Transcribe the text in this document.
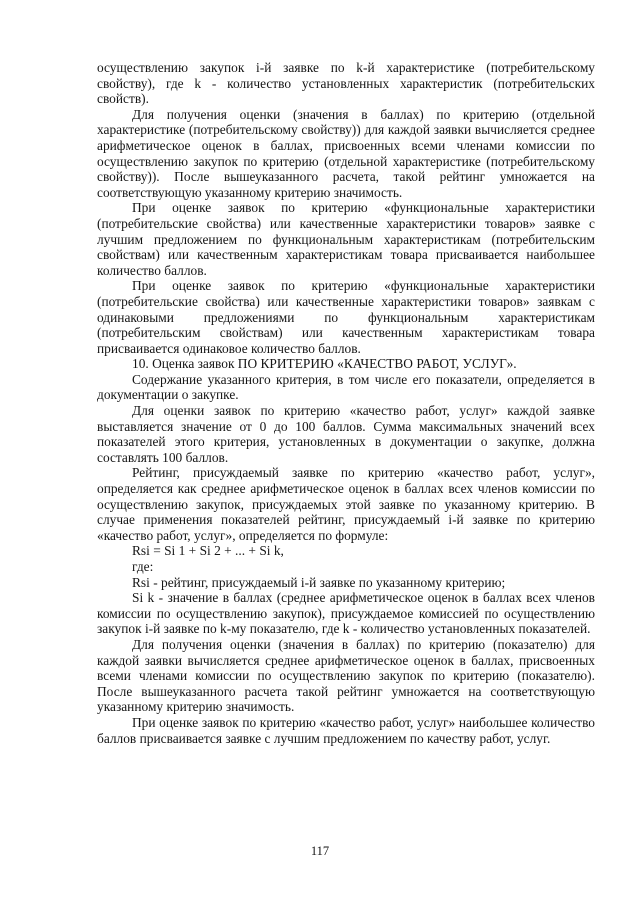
осуществлению закупок i-й заявке по k-й характеристике (потребительскому свойству), где k - количество установленных характеристик (потребительских свойств).

Для получения оценки (значения в баллах) по критерию (отдельной характеристике (потребительскому свойству)) для каждой заявки вычисляется среднее арифметическое оценок в баллах, присвоенных всеми членами комиссии по осуществлению закупок по критерию (отдельной характеристике (потребительскому свойству)). После вышеуказанного расчета, такой рейтинг умножается на соответствующую указанному критерию значимость.

При оценке заявок по критерию «функциональные характеристики (потребительские свойства) или качественные характеристики товаров» заявке с лучшим предложением по функциональным характеристикам (потребительским свойствам) или качественным характеристикам товара присваивается наибольшее количество баллов.

При оценке заявок по критерию «функциональные характеристики (потребительские свойства) или качественные характеристики товаров» заявкам с одинаковыми предложениями по функциональным характеристикам (потребительским свойствам) или качественным характеристикам товара присваивается одинаковое количество баллов.

10. Оценка заявок ПО КРИТЕРИЮ «КАЧЕСТВО РАБОТ, УСЛУГ».

Содержание указанного критерия, в том числе его показатели, определяется в документации о закупке.

Для оценки заявок по критерию «качество работ, услуг» каждой заявке выставляется значение от 0 до 100 баллов. Сумма максимальных значений всех показателей этого критерия, установленных в документации о закупке, должна составлять 100 баллов.

Рейтинг, присуждаемый заявке по критерию «качество работ, услуг», определяется как среднее арифметическое оценок в баллах всех членов комиссии по осуществлению закупок, присуждаемых этой заявке по указанному критерию. В случае применения показателей рейтинг, присуждаемый i-й заявке по критерию «качество работ, услуг», определяется по формуле:

Rsi = Si 1 + Si 2 + ... + Si k,

где:

Rsi - рейтинг, присуждаемый i-й заявке по указанному критерию;

Si k - значение в баллах (среднее арифметическое оценок в баллах всех членов комиссии по осуществлению закупок), присуждаемое комиссией по осуществлению закупок i-й заявке по k-му показателю, где k - количество установленных показателей.

Для получения оценки (значения в баллах) по критерию (показателю) для каждой заявки вычисляется среднее арифметическое оценок в баллах, присвоенных всеми членами комиссии по осуществлению закупок по критерию (показателю). После вышеуказанного расчета такой рейтинг умножается на соответствующую указанному критерию значимость.

При оценке заявок по критерию «качество работ, услуг» наибольшее количество баллов присваивается заявке с лучшим предложением по качеству работ, услуг.

117
